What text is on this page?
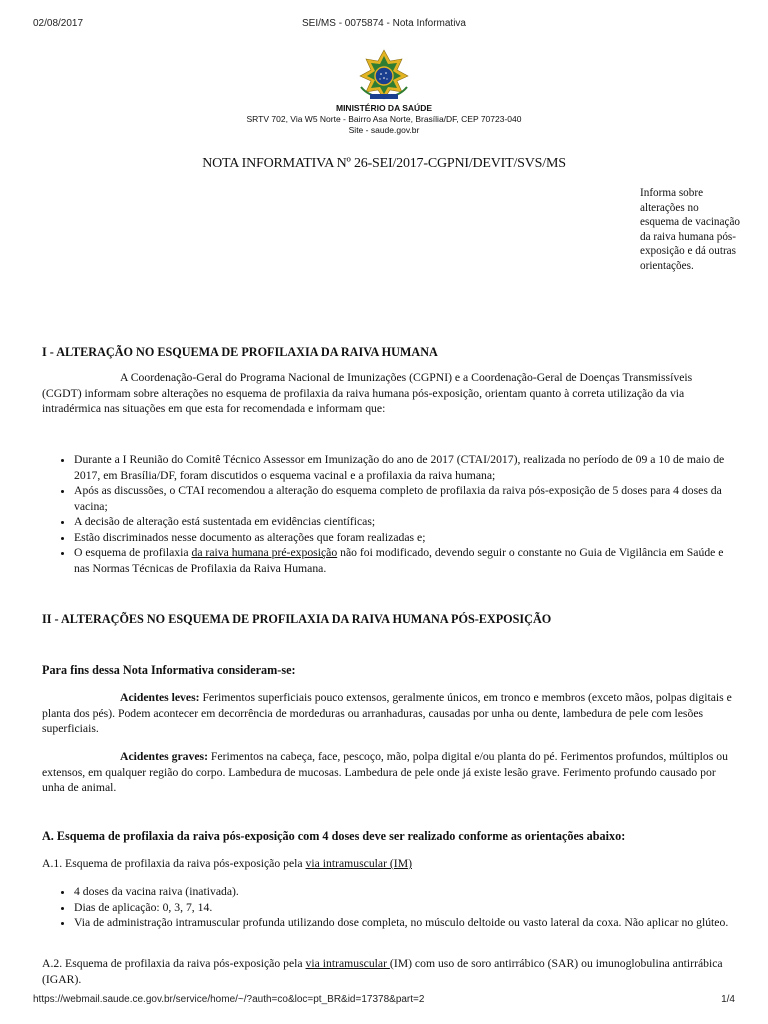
02/08/2017	SEI/MS - 0075874 - Nota Informativa
MINISTÉRIO DA SAÚDE
SRTV 702, Via W5 Norte - Bairro Asa Norte, Brasília/DF, CEP 70723-040
Site - saude.gov.br
NOTA INFORMATIVA Nº 26-SEI/2017-CGPNI/DEVIT/SVS/MS
Informa sobre alterações no esquema de vacinação da raiva humana pós-exposição e dá outras orientações.
I - ALTERAÇÃO NO ESQUEMA DE PROFILAXIA DA RAIVA HUMANA

A Coordenação-Geral do Programa Nacional de Imunizações (CGPNI) e a Coordenação-Geral de Doenças Transmissíveis (CGDT) informam sobre alterações no esquema de profilaxia da raiva humana pós-exposição, orientam quanto à correta utilização da via intradérmica nas situações em que esta for recomendada e informam que:

• Durante a I Reunião do Comitê Técnico Assessor em Imunização do ano de 2017 (CTAI/2017), realizada no período de 09 a 10 de maio de 2017, em Brasília/DF, foram discutidos o esquema vacinal e a profilaxia da raiva humana;
• Após as discussões, o CTAI recomendou a alteração do esquema completo de profilaxia da raiva pós-exposição de 5 doses para 4 doses da vacina;
• A decisão de alteração está sustentada em evidências científicas;
• Estão discriminados nesse documento as alterações que foram realizadas e;
• O esquema de profilaxia da raiva humana pré-exposição não foi modificado, devendo seguir o constante no Guia de Vigilância em Saúde e nas Normas Técnicas de Profilaxia da Raiva Humana.
II - ALTERAÇÕES NO ESQUEMA DE PROFILAXIA DA RAIVA HUMANA PÓS-EXPOSIÇÃO

Para fins dessa Nota Informativa consideram-se:

Acidentes leves: Ferimentos superficiais pouco extensos, geralmente únicos, em tronco e membros (exceto mãos, polpas digitais e planta dos pés). Podem acontecer em decorrência de mordeduras ou arranhaduras, causadas por unha ou dente, lambedura de pele com lesões superficiais.

Acidentes graves: Ferimentos na cabeça, face, pescoço, mão, polpa digital e/ou planta do pé. Ferimentos profundos, múltiplos ou extensos, em qualquer região do corpo. Lambedura de mucosas. Lambedura de pele onde já existe lesão grave. Ferimento profundo causado por unha de animal.

A. Esquema de profilaxia da raiva pós-exposição com 4 doses deve ser realizado conforme as orientações abaixo:

A.1. Esquema de profilaxia da raiva pós-exposição pela via intramuscular (IM)

• 4 doses da vacina raiva (inativada).
• Dias de aplicação: 0, 3, 7, 14.
• Via de administração intramuscular profunda utilizando dose completa, no músculo deltoide ou vasto lateral da coxa. Não aplicar no glúteo.

A.2. Esquema de profilaxia da raiva pós-exposição pela via intramuscular (IM) com uso de soro antirrábico (SAR) ou imunoglobulina antirrábica (IGAR).

https://webmail.saude.ce.gov.br/service/home/~/?auth=co&loc=pt_BR&id=17378&part=2	1/4
